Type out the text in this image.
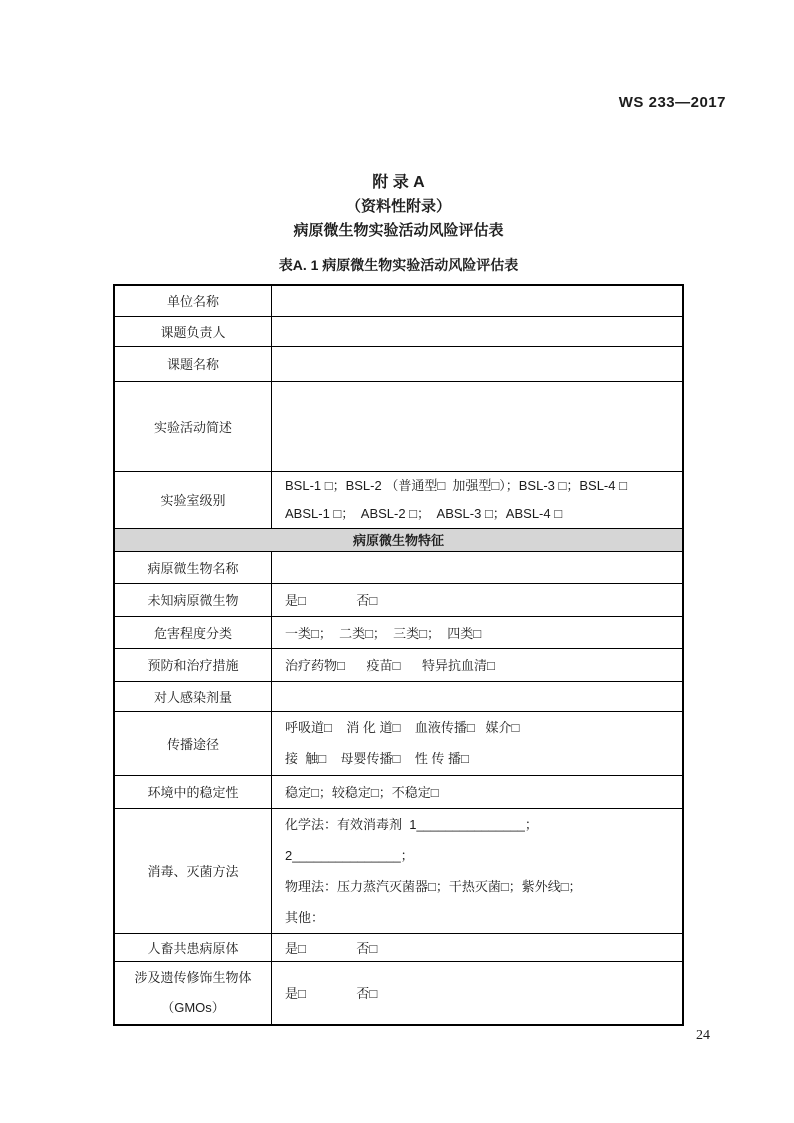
WS 233—2017
附 录 A
（资料性附录）
病原微生物实验活动风险评估表
表A. 1 病原微生物实验活动风险评估表
单位名称	
课题负责人	
课题名称	
实验活动简述	
实验室级别	BSL-1 □；BSL-2 （普通型□  加强型□）；BSL-3 □；BSL-4 □
ABSL-1 □；  ABSL-2 □；  ABSL-3 □；ABSL-4 □

病原微生物特征	
病原微生物名称	
未知病原微生物	是□              否□

危害程度分类	一类□；  二类□；  三类□；  四类□

预防和治疗措施	治疗药物□      疫苗□      特异抗血清□

对人感染剂量	
传播途径	呼吸道□    消 化 道□    血液传播□   媒介□
接  触□    母婴传播□    性 传 播□

环境中的稳定性	稳定□；较稳定□；不稳定□

消毒、灭菌方法	化学法：有效消毒剂  1_______________；   2_______________；
物理法：压力蒸汽灭菌器□；干热灭菌□；紫外线□；
其他：

人畜共患病原体	是□              否□

涉及遗传修饰生物体
（GMOs）	是□              否□
24
